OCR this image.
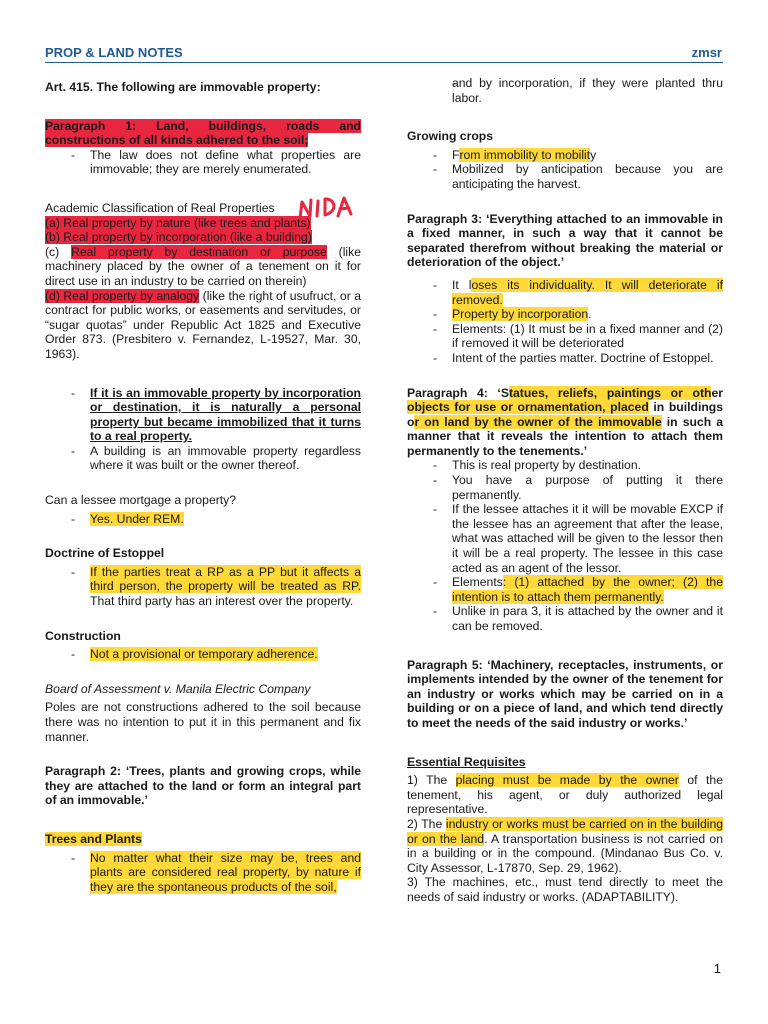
PROP & LAND NOTES	zmsr

Art. 415. The following are immovable property:

Paragraph 1: Land, buildings, roads and constructions of all kinds adhered to the soil;

- The law does not define what properties are immovable; they are merely enumerated.

Academic Classification of Real Properties

(a) Real property by nature (like trees and plants)

(b) Real property by incorporation (like a building)

(c) Real property by destination or purpose (like machinery placed by the owner of a tenement on it for direct use in an industry to be carried on therein)

(d) Real property by analogy (like the right of usufruct, or a contract for public works, or easements and servitudes, or “sugar quotas” under Republic Act 1825 and Executive Order 873. (Presbitero v. Fernandez, L-19527, Mar. 30, 1963).

- If it is an immovable property by incorporation or destination, it is naturally a personal property but became immobilized that it turns to a real property.
- A building is an immovable property regardless where it was built or the owner thereof.

Can a lessee mortgage a property?

- Yes. Under REM.

Doctrine of Estoppel

- If the parties treat a RP as a PP but it affects a third person, the property will be treated as RP. That third party has an interest over the property.

Construction

- Not a provisional or temporary adherence.

Board of Assessment v. Manila Electric Company

Poles are not constructions adhered to the soil because there was no intention to put it in this permanent and fix manner.

Paragraph 2: ‘Trees, plants and growing crops, while they are attached to the land or form an integral part of an immovable.’

Trees and Plants

- No matter what their size may be, trees and plants are considered real property, by nature if they are the spontaneous products of the soil,
- and by incorporation, if they were planted thru labor.

Growing crops

- From immobility to mobility
- Mobilized by anticipation because you are anticipating the harvest.

Paragraph 3: ‘Everything attached to an immovable in a fixed manner, in such a way that it cannot be separated therefrom without breaking the material or deterioration of the object.’

- It loses its individuality. It will deteriorate if removed.
- Property by incorporation.
- Elements: (1) It must be in a fixed manner and (2) if removed it will be deteriorated
- Intent of the parties matter. Doctrine of Estoppel.

Paragraph 4: ‘Statues, reliefs, paintings or other objects for use or ornamentation, placed in buildings or on land by the owner of the immovable in such a manner that it reveals the intention to attach them permanently to the tenements.’

- This is real property by destination.
- You have a purpose of putting it there permanently.
- If the lessee attaches it it will be movable EXCP if the lessee has an agreement that after the lease, what was attached will be given to the lessor then it will be a real property. The lessee in this case acted as an agent of the lessor.
- Elements: (1) attached by the owner; (2) the intention is to attach them permanently.
- Unlike in para 3, it is attached by the owner and it can be removed.

Paragraph 5: ‘Machinery, receptacles, instruments, or implements intended by the owner of the tenement for an industry or works which may be carried on in a building or on a piece of land, and which tend directly to meet the needs of the said industry or works.’

Essential Requisites

1) The placing must be made by the owner of the tenement, his agent, or duly authorized legal representative.

2) The industry or works must be carried on in the building or on the land. A transportation business is not carried on in a building or in the compound. (Mindanao Bus Co. v. City Assessor, L-17870, Sep. 29, 1962).

3) The machines, etc., must tend directly to meet the needs of said industry or works. (ADAPTABILITY).

1
